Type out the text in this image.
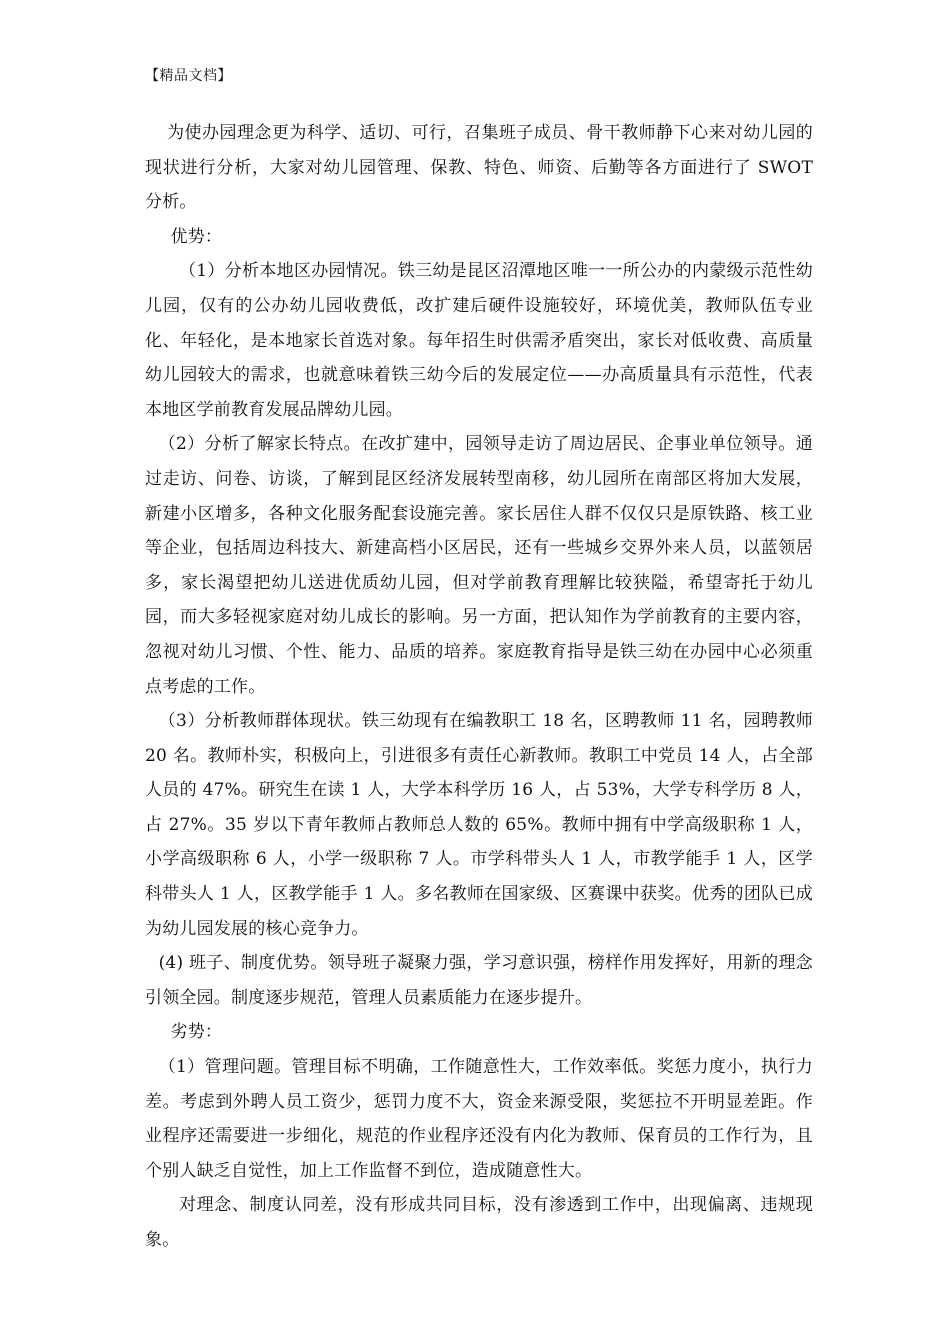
【精品文档】

为使办园理念更为科学、适切、可行，召集班子成员、骨干教师静下心来对幼儿园的现状进行分析，大家对幼儿园管理、保教、特色、师资、后勤等各方面进行了 SWOT 分析。

优势：

（1）分析本地区办园情况。铁三幼是昆区沼潭地区唯一一所公办的内蒙级示范性幼儿园，仅有的公办幼儿园收费低，改扩建后硬件设施较好，环境优美，教师队伍专业化、年轻化，是本地家长首选对象。每年招生时供需矛盾突出，家长对低收费、高质量幼儿园较大的需求，也就意味着铁三幼今后的发展定位——办高质量具有示范性，代表本地区学前教育发展品牌幼儿园。

（2）分析了解家长特点。在改扩建中，园领导走访了周边居民、企事业单位领导。通过走访、问卷、访谈，了解到昆区经济发展转型南移，幼儿园所在南部区将加大发展，新建小区增多，各种文化服务配套设施完善。家长居住人群不仅仅只是原铁路、核工业等企业，包括周边科技大、新建高档小区居民，还有一些城乡交界外来人员，以蓝领居多，家长渴望把幼儿送进优质幼儿园，但对学前教育理解比较狭隘，希望寄托于幼儿园，而大多轻视家庭对幼儿成长的影响。另一方面，把认知作为学前教育的主要内容，忽视对幼儿习惯、个性、能力、品质的培养。家庭教育指导是铁三幼在办园中心必须重点考虑的工作。

（3）分析教师群体现状。铁三幼现有在编教职工 18 名，区聘教师 11 名，园聘教师 20 名。教师朴实，积极向上，引进很多有责任心新教师。教职工中党员 14 人，占全部人员的 47%。研究生在读 1 人，大学本科学历 16 人，占 53%，大学专科学历 8 人，占 27%。35 岁以下青年教师占教师总人数的 65%。教师中拥有中学高级职称 1 人，小学高级职称 6 人，小学一级职称 7 人。市学科带头人 1 人，市教学能手 1 人，区学科带头人 1 人，区教学能手 1 人。多名教师在国家级、区赛课中获奖。优秀的团队已成为幼儿园发展的核心竞争力。

(4) 班子、制度优势。领导班子凝聚力强，学习意识强，榜样作用发挥好，用新的理念引领全园。制度逐步规范，管理人员素质能力在逐步提升。

劣势：

（1）管理问题。管理目标不明确，工作随意性大，工作效率低。奖惩力度小，执行力差。考虑到外聘人员工资少，惩罚力度不大，资金来源受限，奖惩拉不开明显差距。作业程序还需要进一步细化，规范的作业程序还没有内化为教师、保育员的工作行为，且个别人缺乏自觉性，加上工作监督不到位，造成随意性大。

对理念、制度认同差，没有形成共同目标，没有渗透到工作中，出现偏离、违规现象。
